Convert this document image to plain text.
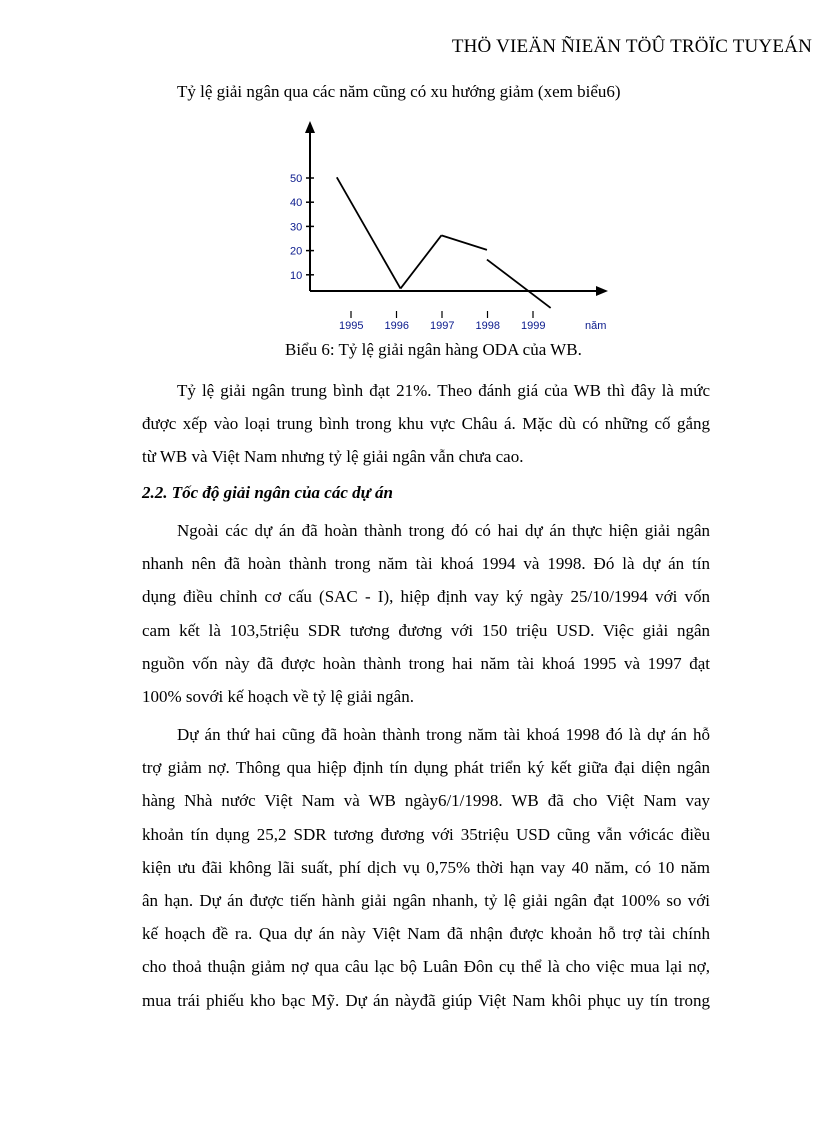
THÖ VIEÄN ÑIEÄN TÖÛ TRÖÏC TUYEÁN
Tỷ lệ giải ngân qua các năm cũng có xu hướng giảm (xem biểu6)
10
20
30
40
50
1995 1996 1997 1998 1999	năm
Biểu 6: Tỷ lệ giải ngân hàng ODA của WB.
Tỷ lệ giải ngân trung bình đạt 21%. Theo đánh giá của WB thì đây là mức
được xếp vào loại trung bình trong khu vực Châu á. Mặc dù có những cố gắng
từ WB và Việt Nam nhưng tỷ lệ giải ngân vẫn chưa cao.
2.2. Tốc độ giải ngân của các dự án
Ngoài các dự án đã hoàn thành trong đó có hai dự án thực hiện giải ngân
nhanh nên đã hoàn thành trong năm tài khoá 1994 và 1998. Đó là dự án tín
dụng điều chỉnh cơ cấu (SAC - I), hiệp định vay ký ngày 25/10/1994 với vốn
cam kết là 103,5triệu SDR tương đương với 150 triệu USD. Việc giải ngân
nguồn vốn này đã được hoàn thành trong hai năm tài khoá 1995 và 1997 đạt
100% sovới kế hoạch về tỷ lệ giải ngân.
Dự án thứ hai cũng đã hoàn thành trong năm tài khoá 1998 đó là dự án hỗ
trợ giảm nợ. Thông qua hiệp định tín dụng phát triển ký kết giữa đại diện ngân
hàng Nhà nước Việt Nam và WB ngày6/1/1998. WB đã cho Việt Nam vay
khoản tín dụng 25,2 SDR tương đương với 35triệu USD cũng vẫn vớicác điều
kiện ưu đãi không lãi suất, phí dịch vụ 0,75% thời hạn vay 40 năm, có 10 năm
ân hạn. Dự án được tiến hành giải ngân nhanh, tỷ lệ giải ngân đạt 100% so với
kế hoạch đề ra. Qua dự án này Việt Nam đã nhận được khoản hỗ trợ tài chính
cho thoả thuận giảm nợ qua câu lạc bộ Luân Đôn cụ thể là cho việc mua lại nợ,
mua trái phiếu kho bạc Mỹ. Dự án nàyđã giúp Việt Nam khôi phục uy tín trong
